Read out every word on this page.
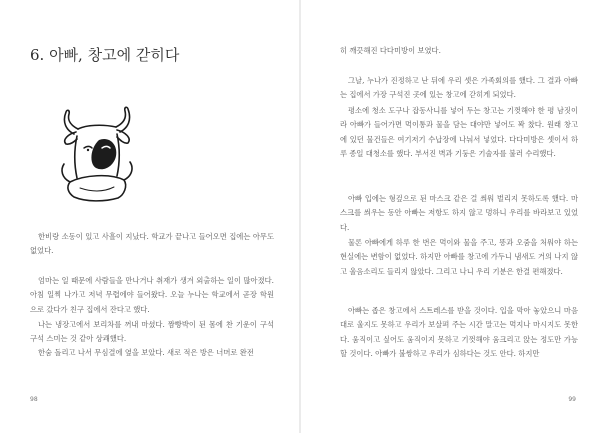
6. 아빠, 창고에 갇히다

한비랑 소동이 있고 사흘이 지났다. 학교가 끝나고 들어오면 집에는 아무도 없었다.

엄마는 일 때문에 사람들을 만나거나 취재가 생겨 외출하는 일이 많아졌다. 아침 일찍 나가고 저녁 무렵에야 들어왔다. 오늘 누나는 학교에서 곧장 학원으로 갔다가 친구 집에서 잔다고 했다.

나는 냉장고에서 보리차를 꺼내 마셨다. 짬빵박이 된 몸에 찬 기운이 구석구석 스미는 것 같아 상쾌했다.

한숨 돌리고 나서 무심결에 옆을 보았다. 새로 적은 방은 너머로 완전

98

히 깨끗해진 다다미방이 보였다.

그날, 누나가 진정하고 난 뒤에 우리 셋은 가족회의를 했다. 그 결과 아빠는 집에서 가장 구석진 곳에 있는 창고에 갇히게 되었다.

평소에 청소 도구나 잡동사니를 넣어 두는 창고는 기껏해야 한 평 남짓이라 아빠가 들어가면 먹이통과 물을 담는 대야만 넣어도 꽉 찼다. 원래 창고에 있던 물건들은 여기저기 수납장에 나눠서 넣었다. 다다미방은 셋이서 하루 종일 대청소를 했다. 부서진 벽과 기둥은 기술자를 불러 수리했다.

아빠 입에는 형겊으로 된 마스크 같은 걸 씌워 벌리지 못하도록 했다. 마스크를 씌우는 동안 아빠는 저항도 하지 않고 멍하니 우리를 바라보고 있었다.

물론 아빠에게 하루 한 번은 먹이와 물을 주고, 똥과 오줌을 처워야 하는 현실에는 변함이 없었다. 하지만 아빠를 창고에 가두니 냄새도 거의 나지 않고 울음소리도 들리지 않았다. 그리고 나니 우리 기분은 한결 편해졌다.

아빠는 좁은 창고에서 스트레스를 받을 것이다. 입을 막아 놓았으니 마음대로 울지도 못하고 우리가 보살펴 주는 시간 말고는 먹지나 마시지도 못한다. 움직이고 싶어도 움직이지 못하고 기껏해야 움크리고 앉는 정도만 가능할 것이다. 아빠가 불쌍하고 우리가 심하다는 것도 안다. 하지만

99
